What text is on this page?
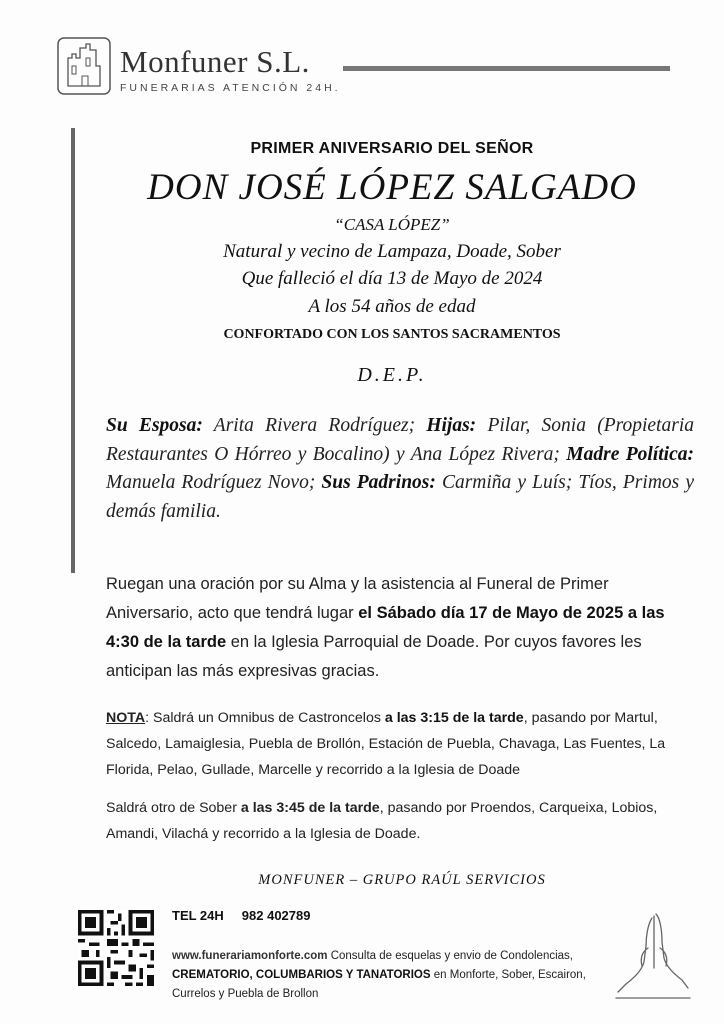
Monfuner S.L.
FUNERARIAS ATENCIÓN 24H.
PRIMER ANIVERSARIO DEL SEÑOR
DON JOSÉ LÓPEZ SALGADO
“CASA LÓPEZ”
Natural y vecino de Lampaza, Doade, Sober
Que falleció el día 13 de Mayo de 2024
A los 54 años de edad
CONFORTADO CON LOS SANTOS SACRAMENTOS
D.E.P.
Su Esposa: Arita Rivera Rodríguez; Hijas: Pilar, Sonia (Propietaria Restaurantes O Hórreo y Bocalino) y Ana López Rivera; Madre Política: Manuela Rodríguez Novo; Sus Padrinos: Carmiña y Luís; Tíos, Primos y demás familia.
Ruegan una oración por su Alma y la asistencia al Funeral de Primer Aniversario, acto que tendrá lugar el Sábado día 17 de Mayo de 2025 a las 4:30 de la tarde en la Iglesia Parroquial de Doade. Por cuyos favores les anticipan las más expresivas gracias.
NOTA: Saldrá un Omnibus de Castroncelos a las 3:15 de la tarde, pasando por Martul, Salcedo, Lamaiglesia, Puebla de Brollón, Estación de Puebla, Chavaga, Las Fuentes, La Florida, Pelao, Gullade, Marcelle y recorrido a la Iglesia de Doade
Saldrá otro de Sober a las 3:45 de la tarde, pasando por Proendos, Carqueixa, Lobios, Amandi, Vilachá y recorrido a la Iglesia de Doade.
MONFUNER – GRUPO RAÚL SERVICIOS
TEL 24H 982 402789
www.funerariamonforte.com Consulta de esquelas y envio de Condolencias, CREMATORIO, COLUMBARIOS Y TANATORIOS en Monforte, Sober, Escairon, Currelos y Puebla de Brollon
